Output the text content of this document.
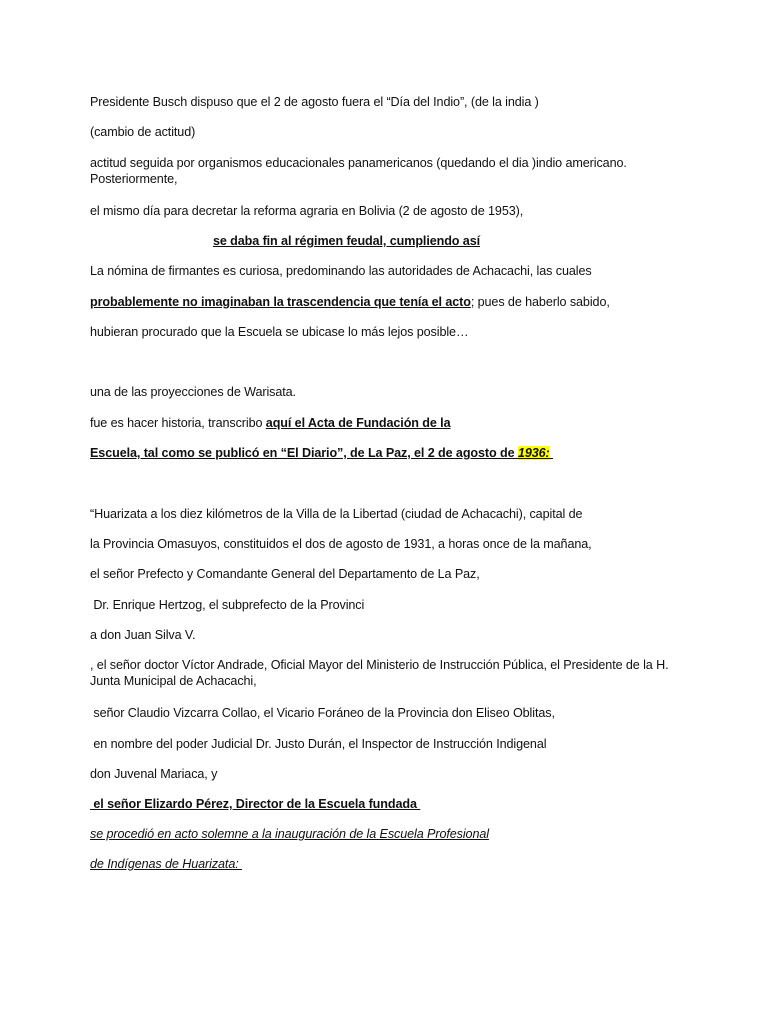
Presidente Busch dispuso que el 2 de agosto fuera el “Día del Indio”, (de la india )
(cambio de actitud)
actitud seguida por organismos educacionales panamericanos (quedando el dia )indio americano. Posteriormente,
el mismo día para decretar la reforma agraria en Bolivia (2 de agosto de 1953),
se daba fin al régimen feudal, cumpliendo así
La nómina de firmantes es curiosa, predominando las autoridades de Achacachi, las cuales
probablemente no imaginaban la trascendencia que tenía el acto; pues de haberlo sabido,
hubieran procurado que la Escuela se ubicase lo más lejos posible…
una de las proyecciones de Warisata.
fue es hacer historia, transcribo aquí el Acta de Fundación de la
Escuela, tal como se publicó en “El Diario”, de La Paz, el 2 de agosto de 1936:
“Huarizata a los diez kilómetros de la Villa de la Libertad (ciudad de Achacachi), capital de
la Provincia Omasuyos, constituidos el dos de agosto de 1931, a horas once de la mañana,
el señor Prefecto y Comandante General del Departamento de La Paz,
Dr. Enrique Hertzog, el subprefecto de la Provinci
a don Juan Silva V.
, el señor doctor Víctor Andrade, Oficial Mayor del Ministerio de Instrucción Pública, el Presidente de la H. Junta Municipal de Achacachi,
señor Claudio Vizcarra Collao, el Vicario Foráneo de la Provincia don Eliseo Oblitas,
en nombre del poder Judicial Dr. Justo Durán, el Inspector de Instrucción Indigenal
don Juvenal Mariaca, y
el señor Elizardo Pérez, Director de la Escuela fundada
se procedió en acto solemne a la inauguración de la Escuela Profesional
de Indígenas de Huarizata:
